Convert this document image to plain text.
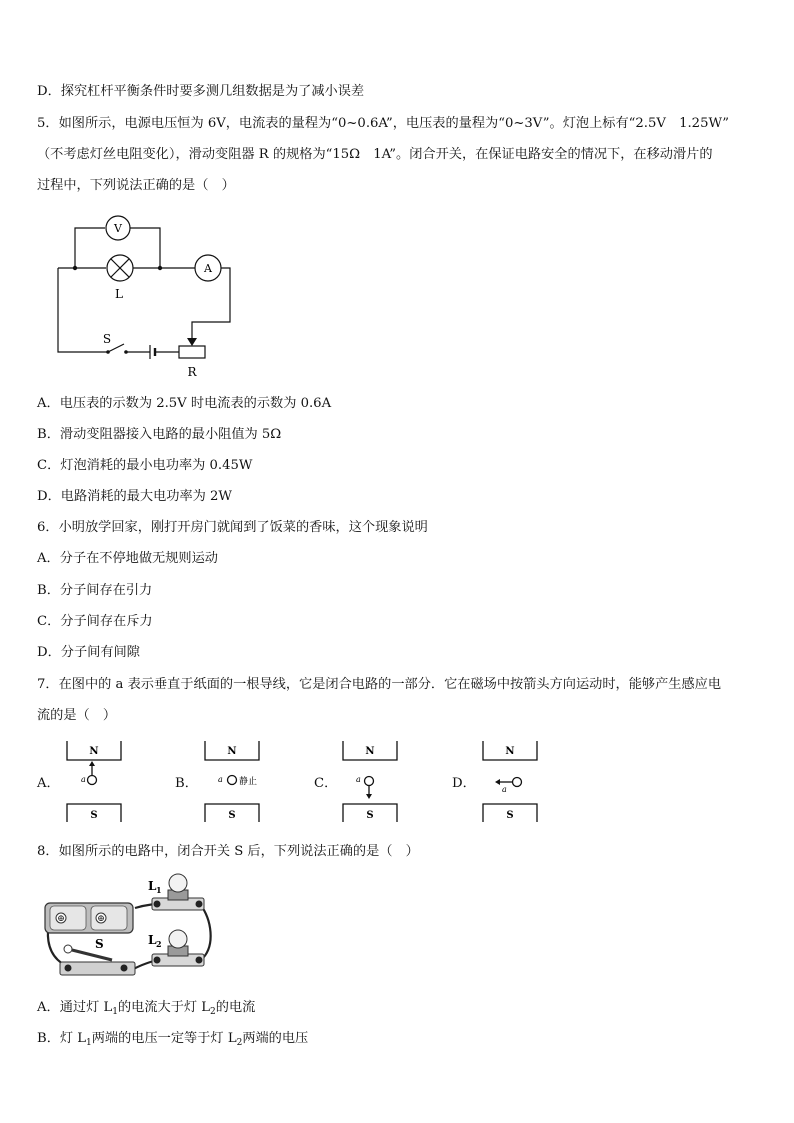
D．探究杠杆平衡条件时要多测几组数据是为了减小误差
5．如图所示，电源电压恒为 6V，电流表的量程为“0~0.6A”，电压表的量程为“0~3V”。灯泡上标有“2.5V　1.25W”
（不考虑灯丝电阻变化），滑动变阻器 R 的规格为“15Ω　1A”。闭合开关，在保证电路安全的情况下，在移动滑片的
过程中，下列说法正确的是（　）
V
A
L
S
R
A．电压表的示数为 2.5V 时电流表的示数为 0.6A
B．滑动变阻器接入电路的最小阻值为 5Ω
C．灯泡消耗的最小电功率为 0.45W
D．电路消耗的最大电功率为 2W
6．小明放学回家，刚打开房门就闻到了饭菜的香味，这个现象说明
A．分子在不停地做无规则运动
B．分子间存在引力
C．分子间存在斥力
D．分子间有间隙
7．在图中的 a 表示垂直于纸面的一根导线，它是闭合电路的一部分．它在磁场中按箭头方向运动时，能够产生感应电
流的是（　）
N
S
N
S
N
S
N
S
a	a 静止	a
a
A．	B．	C．	D．
8．如图所示的电路中，闭合开关 S 后，下列说法正确的是（　）
⊕	⊕
L 1
L 2
S
A．通过灯 $L_1$的电流大于灯 $L_2$的电流
B．灯 $L_1$两端的电压一定等于灯 $L_2$两端的电压
